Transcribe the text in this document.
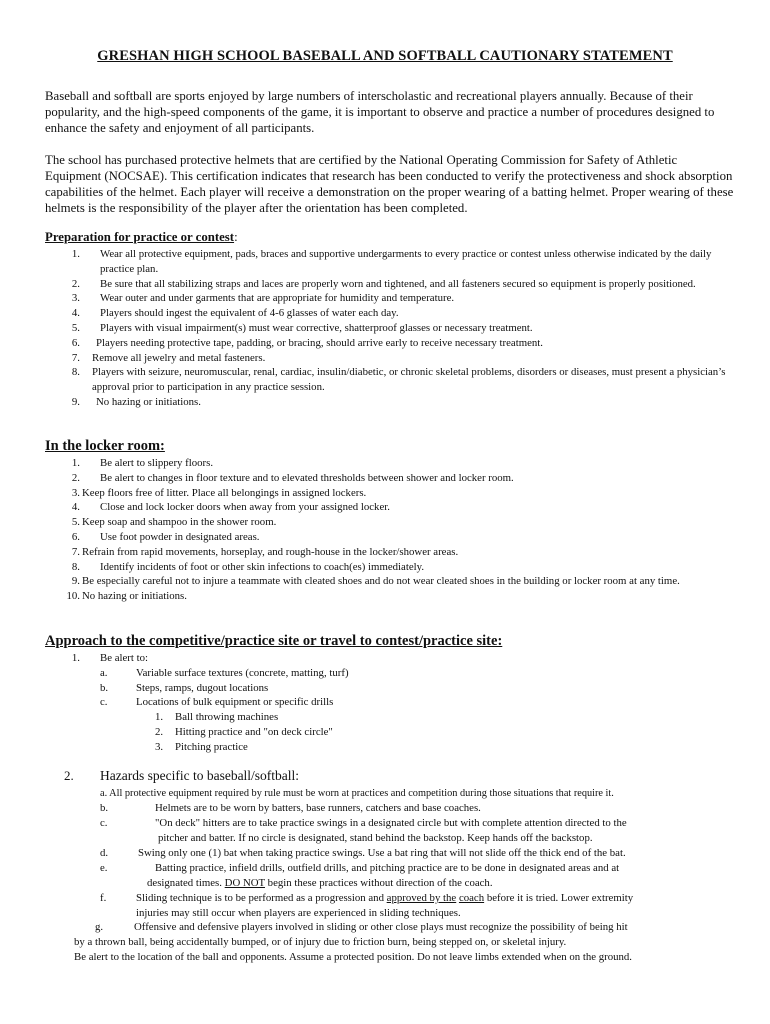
GRESHAN HIGH SCHOOL BASEBALL AND SOFTBALL CAUTIONARY STATEMENT
Baseball and softball are sports enjoyed by large numbers of interscholastic and recreational players annually. Because of their popularity, and the high-speed components of the game, it is important to observe and practice a number of procedures designed to enhance the safety and enjoyment of all participants.
The school has purchased protective helmets that are certified by the National Operating Commission for Safety of Athletic Equipment (NOCSAE). This certification indicates that research has been conducted to verify the protectiveness and shock absorption capabilities of the helmet. Each player will receive a demonstration on the proper wearing of a batting helmet. Proper wearing of these helmets is the responsibility of the player after the orientation has been completed.
Preparation for practice or contest:
1. Wear all protective equipment, pads, braces and supportive undergarments to every practice or contest unless otherwise indicated by the daily practice plan.
2. Be sure that all stabilizing straps and laces are properly worn and tightened, and all fasteners secured so equipment is properly positioned.
3. Wear outer and under garments that are appropriate for humidity and temperature.
4. Players should ingest the equivalent of 4-6 glasses of water each day.
5. Players with visual impairment(s) must wear corrective, shatterproof glasses or necessary treatment.
6. Players needing protective tape, padding, or bracing, should arrive early to receive necessary treatment.
7. Remove all jewelry and metal fasteners.
8. Players with seizure, neuromuscular, renal, cardiac, insulin/diabetic, or chronic skeletal problems, disorders or diseases, must present a physician’s approval prior to participation in any practice session.
9. No hazing or initiations.
In the locker room:
1. Be alert to slippery floors.
2. Be alert to changes in floor texture and to elevated thresholds between shower and locker room.
3. Keep floors free of litter. Place all belongings in assigned lockers.
4. Close and lock locker doors when away from your assigned locker.
5. Keep soap and shampoo in the shower room.
6. Use foot powder in designated areas.
7. Refrain from rapid movements, horseplay, and rough-house in the locker/shower areas.
8. Identify incidents of foot or other skin infections to coach(es) immediately.
9. Be especially careful not to injure a teammate with cleated shoes and do not wear cleated shoes in the building or locker room at any time.
10. No hazing or initiations.
Approach to the competitive/practice site or travel to contest/practice site:
1. Be alert to:
a.	Variable surface textures (concrete, matting, turf)
b.	Steps, ramps, dugout locations
c.	Locations of bulk equipment or specific drills
1. Ball throwing machines
2. Hitting practice and "on deck circle"
3. Pitching practice
2. Hazards specific to baseball/softball:
a. All protective equipment required by rule must be worn at practices and competition during those situations that require it.
b.	Helmets are to be worn by batters, base runners, catchers and base coaches.
c.	"On deck" hitters are to take practice swings in a designated circle but with complete attention directed to the
pitcher and batter. If no circle is designated, stand behind the backstop. Keep hands off the backstop.
d.	Swing only one (1) bat when taking practice swings. Use a bat ring that will not slide off the thick end of the bat.
e.	Batting practice, infield drills, outfield drills, and pitching practice are to be done in designated areas and at
designated times. DO NOT begin these practices without direction of the coach.
f.	Sliding technique is to be performed as a progression and approved by the coach before it is tried. Lower extremity
injuries may still occur when players are experienced in sliding techniques.
g.	Offensive and defensive players involved in sliding or other close plays must recognize the possibility of being hit
by a thrown ball, being accidentally bumped, or of injury due to friction burn, being stepped on, or skeletal injury.
Be alert to the location of the ball and opponents. Assume a protected position. Do not leave limbs extended when on the ground.
